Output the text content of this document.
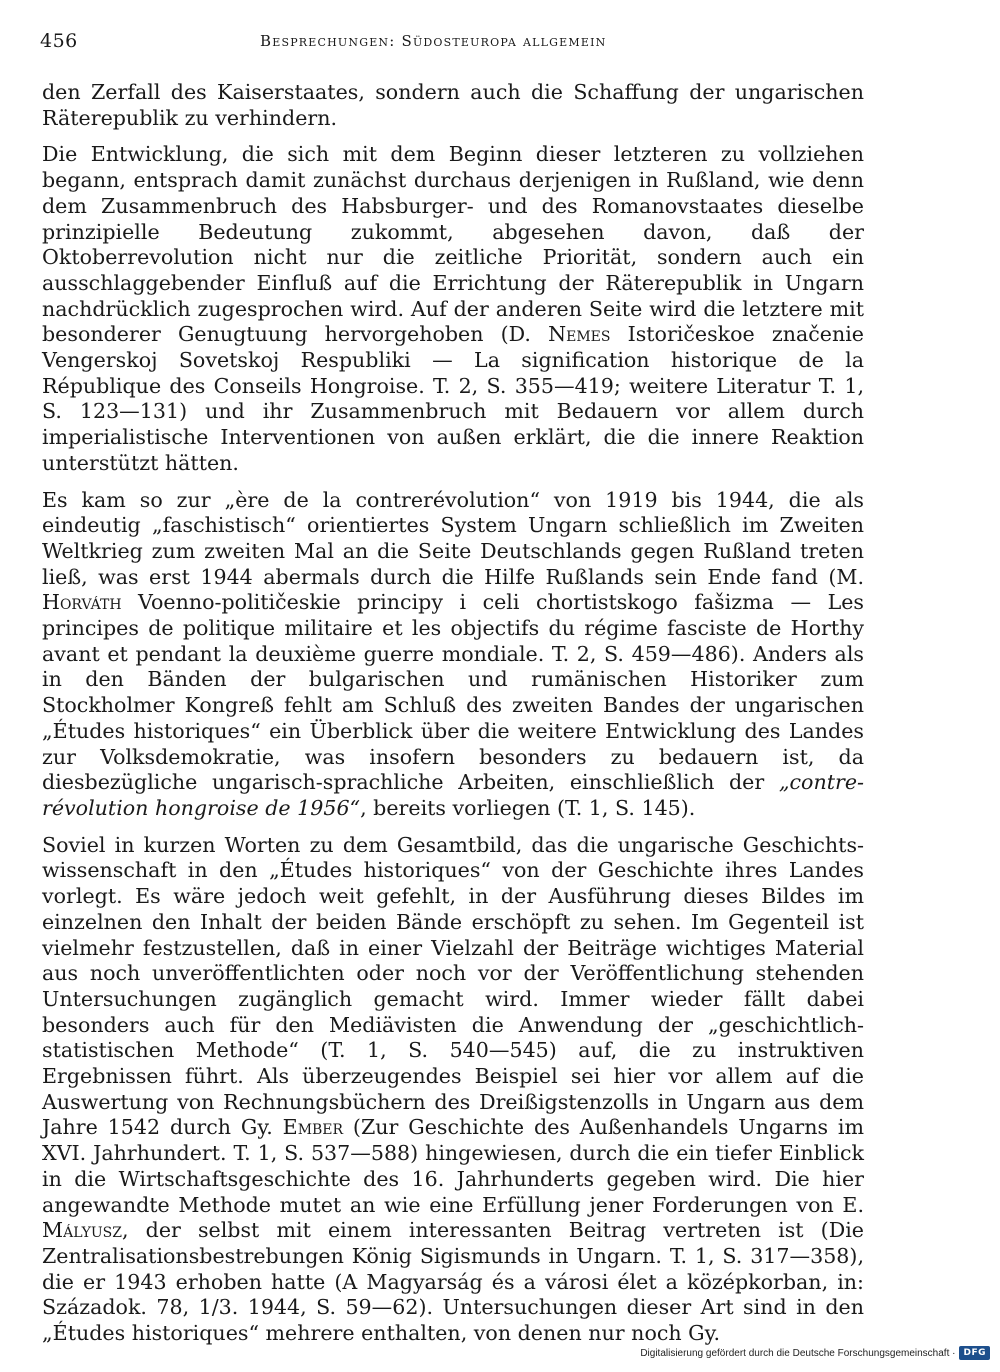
456	Besprechungen: Südosteuropa allgemein

den Zerfall des Kaiserstaates, sondern auch die Schaffung der ungarischen Räterepublik zu verhindern.

Die Entwicklung, die sich mit dem Beginn dieser letzteren zu vollziehen begann, entsprach damit zunächst durchaus derjenigen in Rußland, wie denn dem Zusammenbruch des Habsburger- und des Romanovstaates dieselbe prinzipielle Bedeutung zukommt, abgesehen davon, daß der Oktoberrevolution nicht nur die zeitliche Priorität, sondern auch ein ausschlaggebender Einfluß auf die Errichtung der Räterepublik in Ungarn nachdrücklich zugesprochen wird. Auf der anderen Seite wird die letztere mit besonderer Genugtuung hervorgehoben (D. Nemes Istoričeskoe značenie Vengerskoj Sovetskoj Respubliki — La signification historique de la République des Conseils Hongroise. T. 2, S. 355—419; weitere Literatur T. 1, S. 123—131) und ihr Zusammenbruch mit Bedauern vor allem durch imperialistische Interventionen von außen erklärt, die die innere Reaktion unterstützt hätten.

Es kam so zur „ère de la contrerévolution“ von 1919 bis 1944, die als eindeutig „faschistisch“ orientiertes System Ungarn schließlich im Zweiten Weltkrieg zum zweiten Mal an die Seite Deutschlands gegen Rußland treten ließ, was erst 1944 abermals durch die Hilfe Rußlands sein Ende fand (M. Horváth Voenno-političeskie principy i celi chortistskogo fašizma — Les principes de politique militaire et les objectifs du régime fasciste de Horthy avant et pendant la deuxième guerre mondiale. T. 2, S. 459—486). Anders als in den Bänden der bulgarischen und rumänischen Historiker zum Stockholmer Kongreß fehlt am Schluß des zweiten Bandes der ungarischen „Études historiques“ ein Überblick über die weitere Entwicklung des Landes zur Volksdemokratie, was insofern besonders zu bedauern ist, da diesbezügliche ungarisch-sprachliche Arbeiten, einschließlich der „contre-révolution hongroise de 1956“, bereits vorliegen (T. 1, S. 145).

Soviel in kurzen Worten zu dem Gesamtbild, das die ungarische Geschichtswissenschaft in den „Études historiques“ von der Geschichte ihres Landes vorlegt. Es wäre jedoch weit gefehlt, in der Ausführung dieses Bildes im einzelnen den Inhalt der beiden Bände erschöpft zu sehen. Im Gegenteil ist vielmehr festzustellen, daß in einer Vielzahl der Beiträge wichtiges Material aus noch unveröffentlichten oder noch vor der Veröffentlichung stehenden Untersuchungen zugänglich gemacht wird. Immer wieder fällt dabei besonders auch für den Mediävisten die Anwendung der „geschichtlich-statistischen Methode“ (T. 1, S. 540—545) auf, die zu instruktiven Ergebnissen führt. Als überzeugendes Beispiel sei hier vor allem auf die Auswertung von Rechnungsbüchern des Dreißigstenzolls in Ungarn aus dem Jahre 1542 durch Gy. Ember (Zur Geschichte des Außenhandels Ungarns im XVI. Jahrhundert. T. 1, S. 537—588) hingewiesen, durch die ein tiefer Einblick in die Wirtschaftsgeschichte des 16. Jahrhunderts gegeben wird. Die hier angewandte Methode mutet an wie eine Erfüllung jener Forderungen von E. Mályusz, der selbst mit einem interessanten Beitrag vertreten ist (Die Zentralisationsbestrebungen König Sigismunds in Ungarn. T. 1, S. 317—358), die er 1943 erhoben hatte (A Magyarság és a városi élet a középkorban, in: Századok. 78, 1/3. 1944, S. 59—62). Untersuchungen dieser Art sind in den „Études historiques“ mehrere enthalten, von denen nur noch Gy.

Digitalisierung gefördert durch die Deutsche Forschungsgemeinschaft · DFG
